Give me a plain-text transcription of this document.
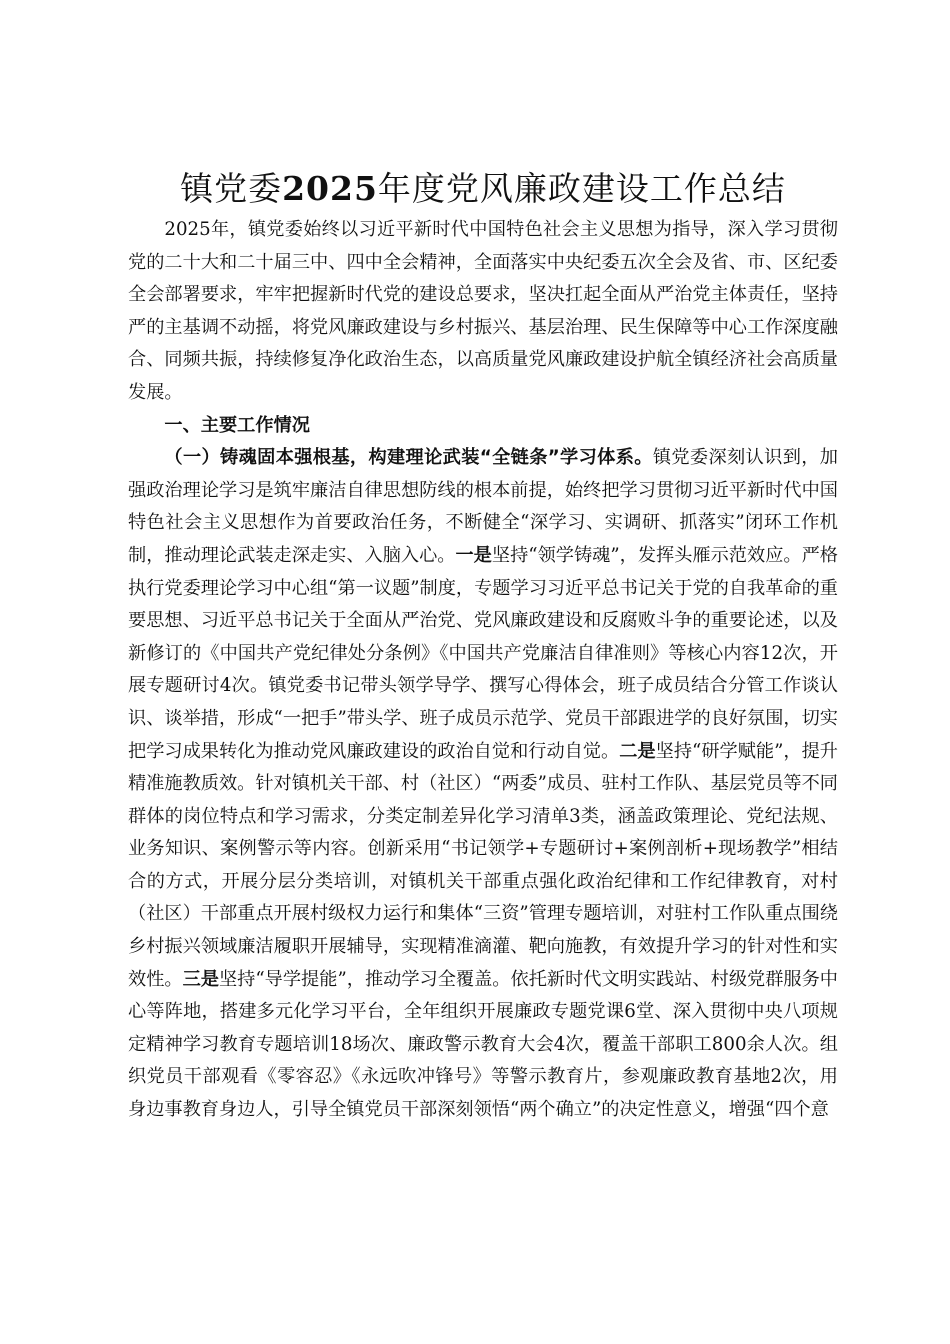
镇党委2025年度党风廉政建设工作总结

2025年，镇党委始终以习近平新时代中国特色社会主义思想为指导，深入学习贯彻党的二十大和二十届三中、四中全会精神，全面落实中央纪委五次全会及省、市、区纪委全会部署要求，牢牢把握新时代党的建设总要求，坚决扛起全面从严治党主体责任，坚持严的主基调不动摇，将党风廉政建设与乡村振兴、基层治理、民生保障等中心工作深度融合、同频共振，持续修复净化政治生态，以高质量党风廉政建设护航全镇经济社会高质量发展。

一、主要工作情况

（一）铸魂固本强根基，构建理论武装“全链条”学习体系。镇党委深刻认识到，加强政治理论学习是筑牢廉洁自律思想防线的根本前提，始终把学习贯彻习近平新时代中国特色社会主义思想作为首要政治任务，不断健全“深学习、实调研、抓落实”闭环工作机制，推动理论武装走深走实、入脑入心。一是坚持“领学铸魂”，发挥头雁示范效应。严格执行党委理论学习中心组“第一议题”制度，专题学习习近平总书记关于党的自我革命的重要思想、习近平总书记关于全面从严治党、党风廉政建设和反腐败斗争的重要论述，以及新修订的《中国共产党纪律处分条例》《中国共产党廉洁自律准则》等核心内容12次，开展专题研讨4次。镇党委书记带头领学导学、撰写心得体会，班子成员结合分管工作谈认识、谈举措，形成“一把手”带头学、班子成员示范学、党员干部跟进学的良好氛围，切实把学习成果转化为推动党风廉政建设的政治自觉和行动自觉。二是坚持“研学赋能”，提升精准施教质效。针对镇机关干部、村（社区）“两委”成员、驻村工作队、基层党员等不同群体的岗位特点和学习需求，分类定制差异化学习清单3类，涵盖政策理论、党纪法规、业务知识、案例警示等内容。创新采用“书记领学+专题研讨+案例剖析+现场教学”相结合的方式，开展分层分类培训，对镇机关干部重点强化政治纪律和工作纪律教育，对村（社区）干部重点开展村级权力运行和集体“三资”管理专题培训，对驻村工作队重点围绕乡村振兴领域廉洁履职开展辅导，实现精准滴灌、靶向施教，有效提升学习的针对性和实效性。三是坚持“导学提能”，推动学习全覆盖。依托新时代文明实践站、村级党群服务中心等阵地，搭建多元化学习平台，全年组织开展廉政专题党课6堂、深入贯彻中央八项规定精神学习教育专题培训18场次、廉政警示教育大会4次，覆盖干部职工800余人次。组织党员干部观看《零容忍》《永远吹冲锋号》等警示教育片，参观廉政教育基地2次，用身边事教育身边人，引导全镇党员干部深刻领悟“两个确立”的决定性意义，增强“四个意
